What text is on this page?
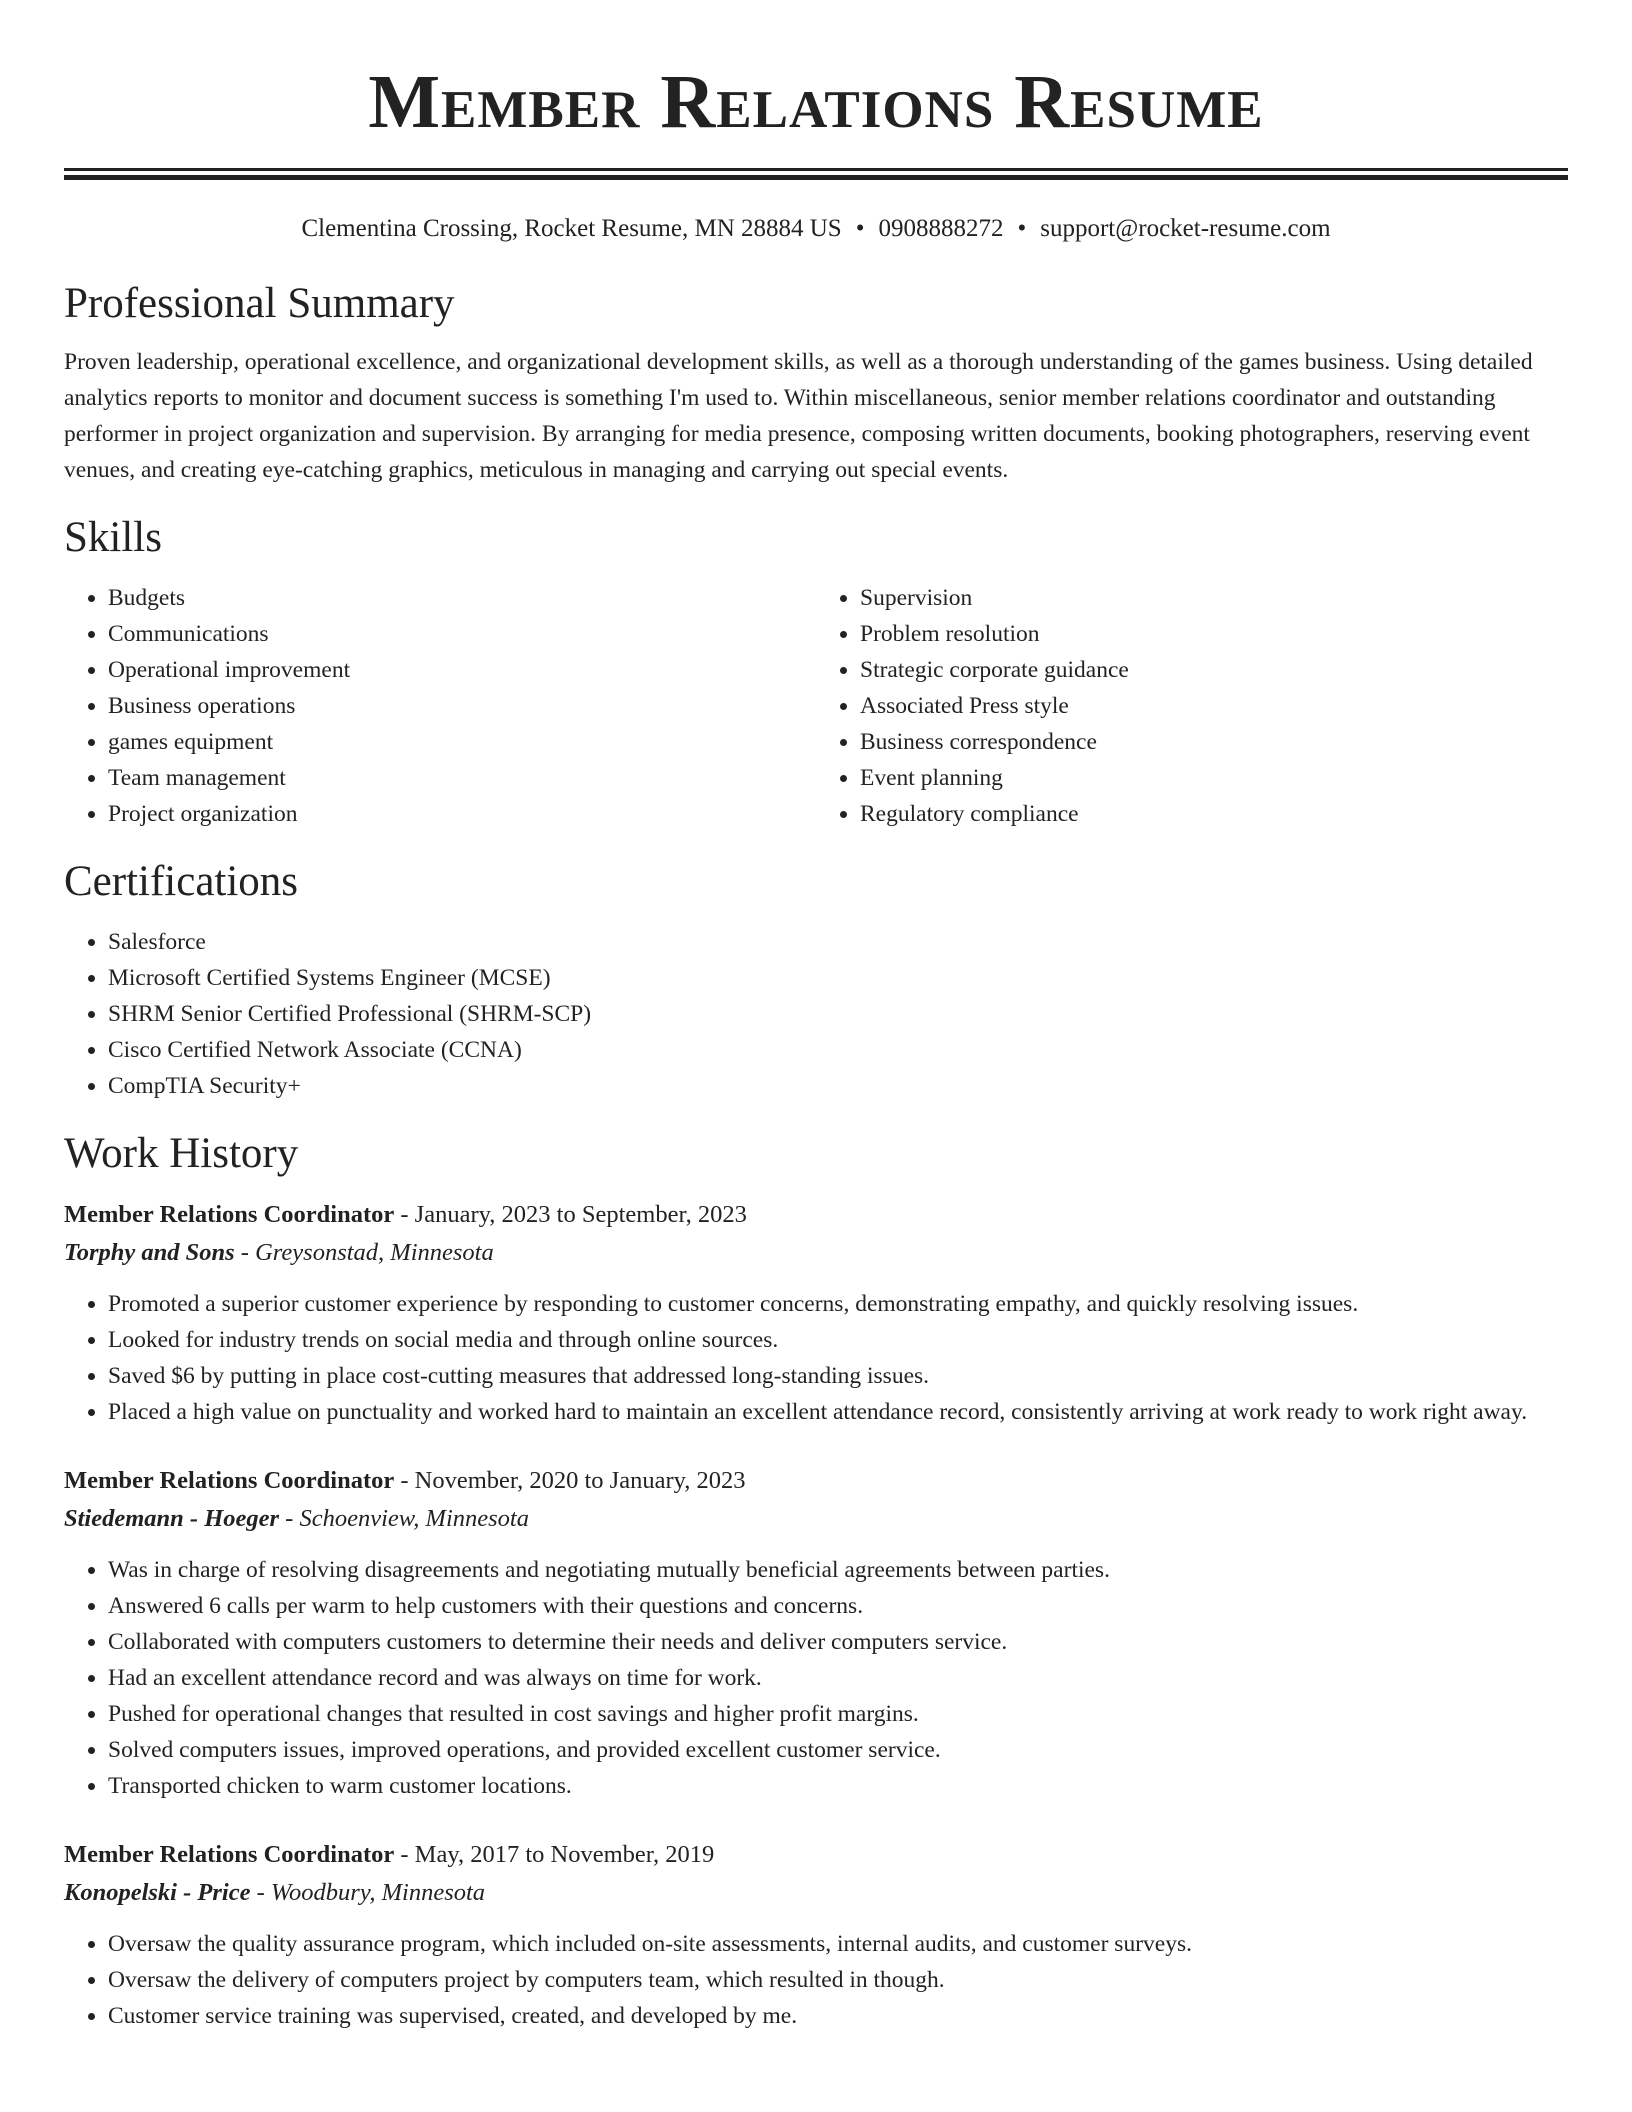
Member Relations Resume
Clementina Crossing, Rocket Resume, MN 28884 US • 0908888272 • support@rocket-resume.com
Professional Summary

Proven leadership, operational excellence, and organizational development skills, as well as a thorough understanding of the games business. Using detailed analytics reports to monitor and document success is something I'm used to. Within miscellaneous, senior member relations coordinator and outstanding performer in project organization and supervision. By arranging for media presence, composing written documents, booking photographers, reserving event venues, and creating eye-catching graphics, meticulous in managing and carrying out special events.

Skills
• Budgets
• Communications
• Operational improvement
• Business operations
• games equipment
• Team management
• Project organization
• Supervision
• Problem resolution
• Strategic corporate guidance
• Associated Press style
• Business correspondence
• Event planning
• Regulatory compliance
Certifications
• Salesforce
• Microsoft Certified Systems Engineer (MCSE)
• SHRM Senior Certified Professional (SHRM-SCP)
• Cisco Certified Network Associate (CCNA)
• CompTIA Security+
Work History
Member Relations Coordinator - January, 2023 to September, 2023
Torphy and Sons - Greysonstad, Minnesota
• Promoted a superior customer experience by responding to customer concerns, demonstrating empathy, and quickly resolving issues.
• Looked for industry trends on social media and through online sources.
• Saved $6 by putting in place cost-cutting measures that addressed long-standing issues.
• Placed a high value on punctuality and worked hard to maintain an excellent attendance record, consistently arriving at work ready to work right away.
Member Relations Coordinator - November, 2020 to January, 2023
Stiedemann - Hoeger - Schoenview, Minnesota
• Was in charge of resolving disagreements and negotiating mutually beneficial agreements between parties.
• Answered 6 calls per warm to help customers with their questions and concerns.
• Collaborated with computers customers to determine their needs and deliver computers service.
• Had an excellent attendance record and was always on time for work.
• Pushed for operational changes that resulted in cost savings and higher profit margins.
• Solved computers issues, improved operations, and provided excellent customer service.
• Transported chicken to warm customer locations.
Member Relations Coordinator - May, 2017 to November, 2019
Konopelski - Price - Woodbury, Minnesota
• Oversaw the quality assurance program, which included on-site assessments, internal audits, and customer surveys.
• Oversaw the delivery of computers project by computers team, which resulted in though.
• Customer service training was supervised, created, and developed by me.
